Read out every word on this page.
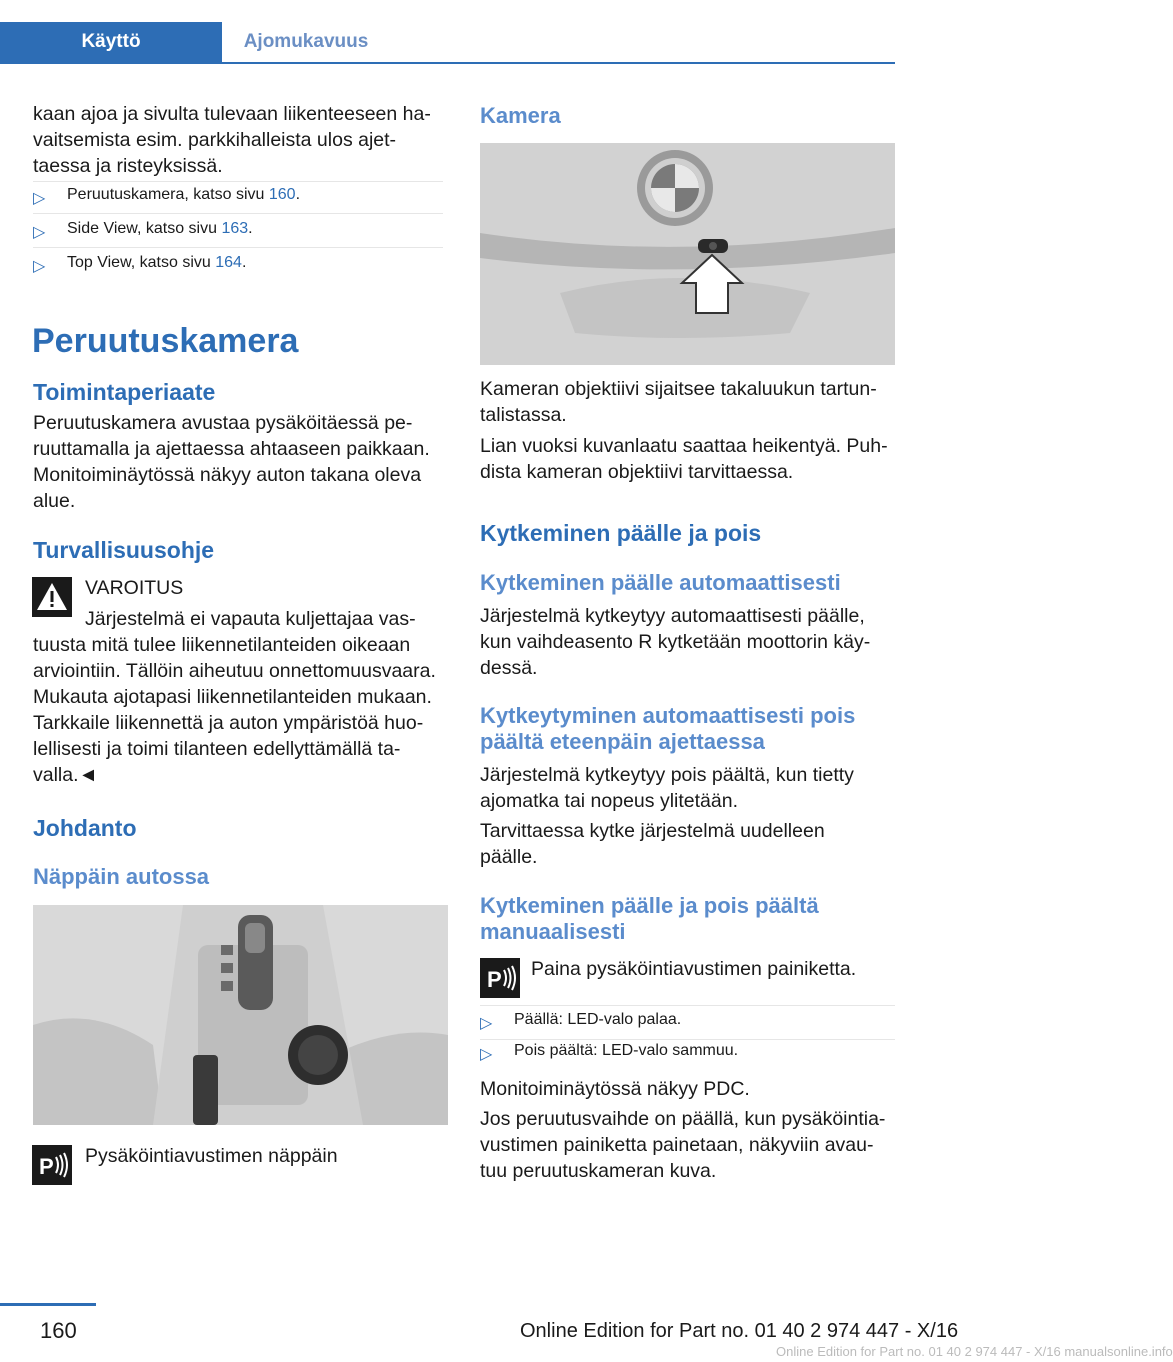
Käyttö	Ajomukavuus
kaan ajoa ja sivulta tulevaan liikenteeseen ha‐
vaitsemista esim. parkkihalleista ulos ajet‐
taessa ja risteyksissä.
▷ Peruutuskamera, katso sivu 160.
▷ Side View, katso sivu 163.
▷ Top View, katso sivu 164.
Peruutuskamera
Toimintaperiaate
Peruutuskamera avustaa pysäköitäessä pe‐
ruuttamalla ja ajettaessa ahtaaseen paikkaan.
Monitoiminäytössä näkyy auton takana oleva
alue.
Turvallisuusohje
VAROITUS
Järjestelmä ei vapauta kuljettajaa vas‐
tuusta mitä tulee liikennetilanteiden oikeaan
arviointiin. Tällöin aiheutuu onnettomuusvaara.
Mukauta ajotapasi liikennetilanteiden mukaan.
Tarkkaile liikennettä ja auton ympäristöä huo‐
lellisesti ja toimi tilanteen edellyttämällä ta‐
valla.◄
Johdanto
Näppäin autossa
P Pysäköintiavustimen näppäin
Kamera
Kameran objektiivi sijaitsee takaluukun tartun‐
talistassa.
Lian vuoksi kuvanlaatu saattaa heikentyä. Puh‐
dista kameran objektiivi tarvittaessa.
Kytkeminen päälle ja pois
Kytkeminen päälle automaattisesti
Järjestelmä kytkeytyy automaattisesti päälle,
kun vaihdeasento R kytketään moottorin käy‐
dessä.
Kytkeytyminen automaattisesti pois
päältä eteenpäin ajettaessa
Järjestelmä kytkeytyy pois päältä, kun tietty
ajomatka tai nopeus ylitetään.
Tarvittaessa kytke järjestelmä uudelleen
päälle.
Kytkeminen päälle ja pois päältä
manuaalisesti
P Paina pysäköintiavustimen painiketta.
▷ Päällä: LED-valo palaa.
▷ Pois päältä: LED-valo sammuu.
Monitoiminäytössä näkyy PDC.
Jos peruutusvaihde on päällä, kun pysäköintia‐
vustimen painiketta painetaan, näkyviin avau‐
tuu peruutuskameran kuva.
160	Online Edition for Part no. 01 40 2 974 447 - X/16
Online Edition for Part no. 01 40 2 974 447 - X/16 manualsonline.info
